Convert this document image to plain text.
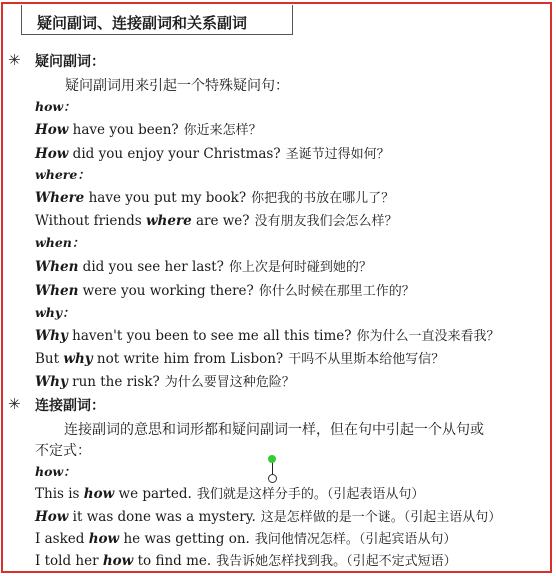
疑问副词、连接副词和关系副词
✳ 疑问副词：
疑问副词用来引起一个特殊疑问句：
how：
How have you been? 你近来怎样？
How did you enjoy your Christmas? 圣诞节过得如何？
where：
Where have you put my book? 你把我的书放在哪儿了？
Without friends where are we? 没有朋友我们会怎么样？
when：
When did you see her last? 你上次是何时碰到她的？
When were you working there? 你什么时候在那里工作的？
why：
Why haven't you been to see me all this time? 你为什么一直没来看我？
But why not write him from Lisbon? 干吗不从里斯本给他写信？
Why run the risk? 为什么要冒这种危险？
✳ 连接副词：
连接副词的意思和词形都和疑问副词一样，但在句中引起一个从句或
不定式：
how：
This is how we parted. 我们就是这样分手的。（引起表语从句）
How it was done was a mystery. 这是怎样做的是一个谜。（引起主语从句）
I asked how he was getting on. 我问他情况怎样。（引起宾语从句）
I told her how to find me. 我告诉她怎样找到我。（引起不定式短语）
